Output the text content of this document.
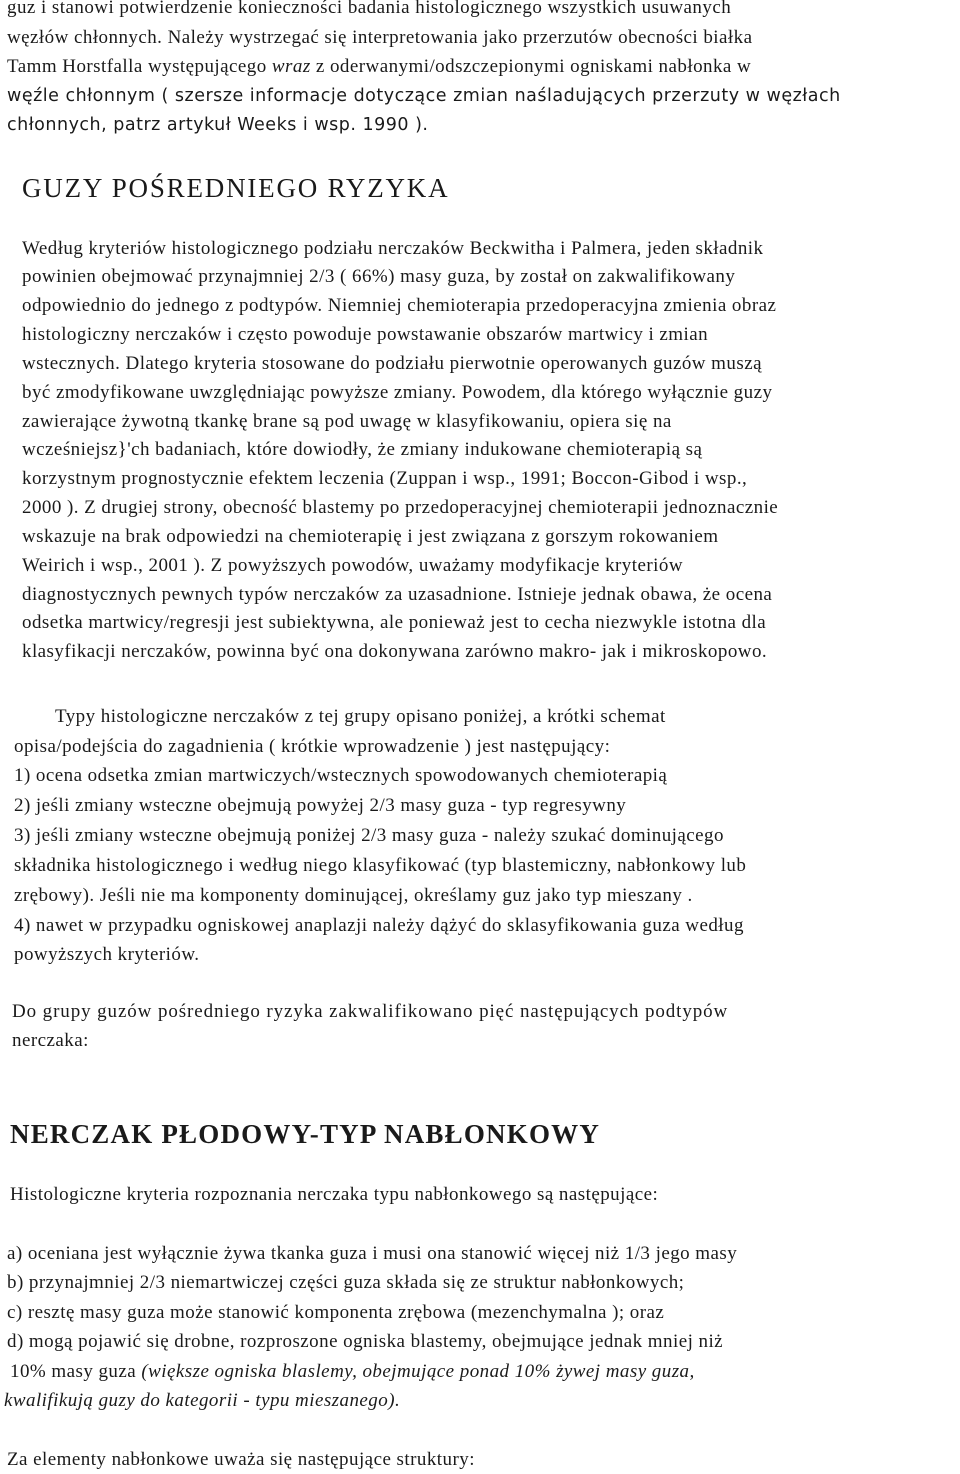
guz i stanowi potwierdzenie konieczności badania histologicznego wszystkich usuwanych
węzłów chłonnych. Należy wystrzegać się interpretowania jako przerzutów obecności białka
Tamm Horstfalla występującego wraz z oderwanymi/odszczepionymi ogniskami nabłonka w
węźle chłonnym ( szersze informacje dotyczące zmian naśladujących przerzuty w węzłach
chłonnych, patrz artykuł Weeks i wsp. 1990 ).
GUZY POŚREDNIEGO RYZYKA
Według kryteriów histologicznego podziału nerczaków Beckwitha i Palmera, jeden składnik
powinien obejmować przynajmniej 2/3 ( 66%) masy guza, by został on zakwalifikowany
odpowiednio do jednego z podtypów. Niemniej chemioterapia przedoperacyjna zmienia obraz
histologiczny nerczaków i często powoduje powstawanie obszarów martwicy i zmian
wstecznych. Dlatego kryteria stosowane do podziału pierwotnie operowanych guzów muszą
być zmodyfikowane uwzględniając powyższe zmiany. Powodem, dla którego wyłącznie guzy
zawierające żywotną tkankę brane są pod uwagę w klasyfikowaniu, opiera się na
wcześniejsz}'ch badaniach, które dowiodły, że zmiany indukowane chemioterapią są
korzystnym prognostycznie efektem leczenia (Zuppan i wsp., 1991; Boccon-Gibod i wsp.,
2000 ). Z drugiej strony, obecność blastemy po przedoperacyjnej chemioterapii jednoznacznie
wskazuje na brak odpowiedzi na chemioterapię i jest związana z gorszym rokowaniem
Weirich i wsp., 2001 ). Z powyższych powodów, uważamy modyfikacje kryteriów
diagnostycznych pewnych typów nerczaków za uzasadnione. Istnieje jednak obawa, że ocena
odsetka martwicy/regresji jest subiektywna, ale ponieważ jest to cecha niezwykle istotna dla
klasyfikacji nerczaków, powinna być ona dokonywana zarówno makro- jak i mikroskopowo.
Typy histologiczne nerczaków z tej grupy opisano poniżej, a krótki schemat
opisa/podejścia do zagadnienia ( krótkie wprowadzenie ) jest następujący:
1) ocena odsetka zmian martwiczych/wstecznych spowodowanych chemioterapią
2) jeśli zmiany wsteczne obejmują powyżej 2/3 masy guza - typ regresywny
3) jeśli zmiany wsteczne obejmują poniżej 2/3 masy guza - należy szukać dominującego
składnika histologicznego i według niego klasyfikować (typ blastemiczny, nabłonkowy lub
zrębowy). Jeśli nie ma komponenty dominującej, określamy guz jako typ mieszany .
4) nawet w przypadku ogniskowej anaplazji należy dążyć do sklasyfikowania guza według
powyższych kryteriów.
Do grupy guzów pośredniego ryzyka zakwalifikowano pięć następujących podtypów
nerczaka:
NERCZAK PŁODOWY-TYP NABŁONKOWY
Histologiczne kryteria rozpoznania nerczaka typu nabłonkowego są następujące:
a) oceniana jest wyłącznie żywa tkanka guza i musi ona stanowić więcej niż 1/3 jego masy
b) przynajmniej 2/3 niemartwiczej części guza składa się ze struktur nabłonkowych;
c) resztę masy guza może stanowić komponenta zrębowa (mezenchymalna ); oraz
d) mogą pojawić się drobne, rozproszone ogniska blastemy, obejmujące jednak mniej niż
10% masy guza (większe ogniska blaslemy, obejmujące ponad 10% żywej masy guza,
kwalifikują guzy do kategorii - typu mieszanego).
Za elementy nabłonkowe uważa się następujące struktury:
